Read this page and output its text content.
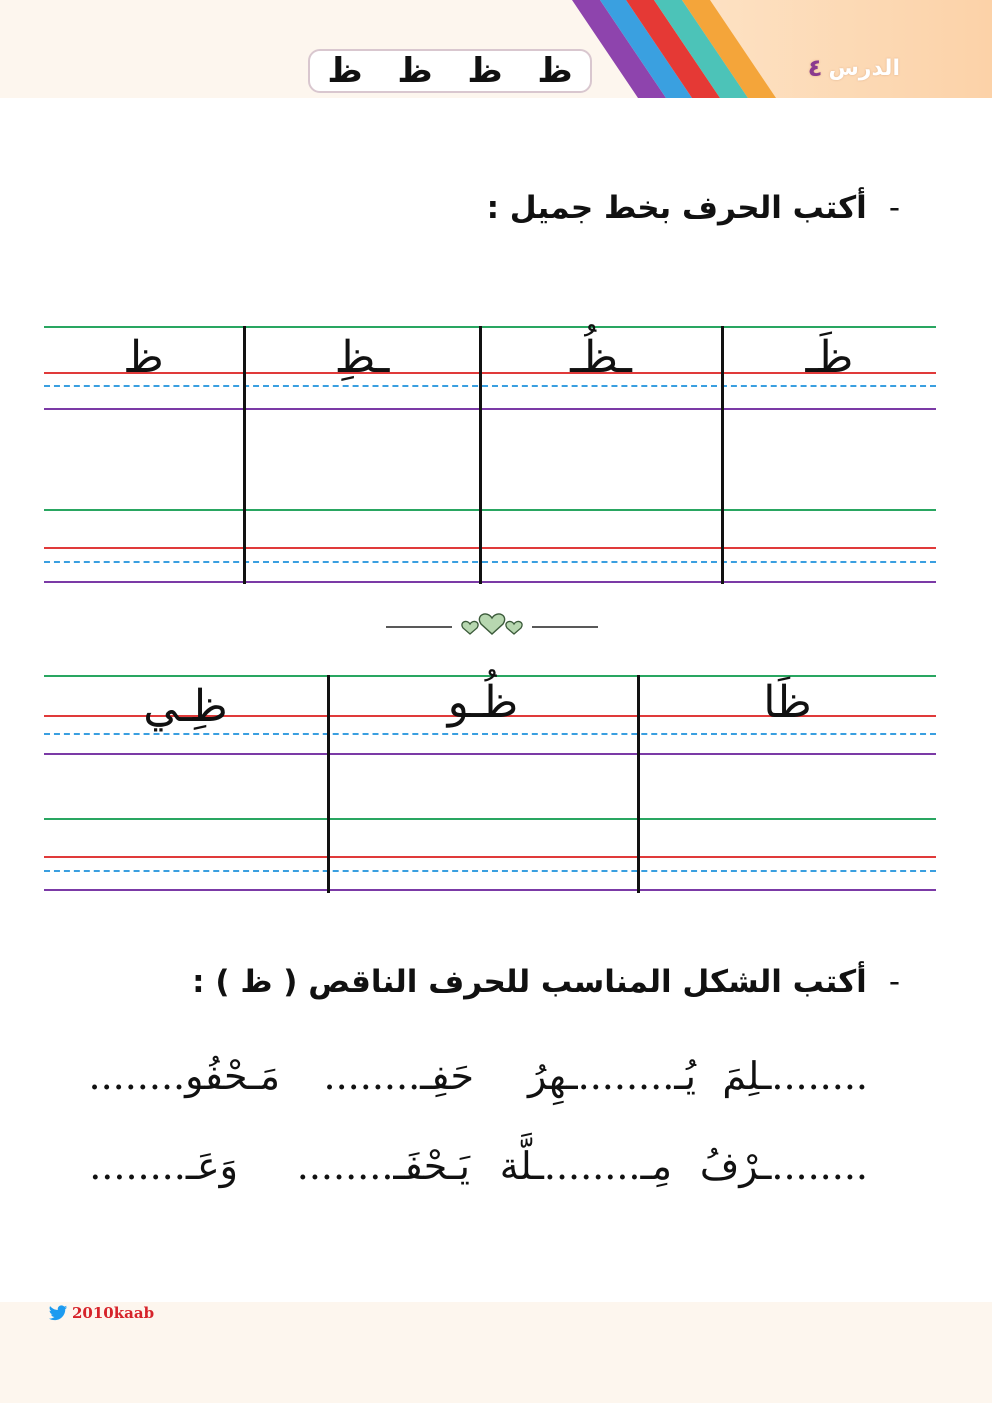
الدرس
٤
ظ
ظ
ظ
ظ
-
أكتب الحرف بخط جميل :
ظَـ
ـظُـ
ـظِ
ظ
ظَا
ظُـو
ظِـي
-
أكتب الشكل المناسب للحرف الناقص ( ظ ) :
........ـلِمَ
يُـ........ـهِرُ
حَفِـ........
مَـحْفُو........
........ـرْفُ
مِـ........ـلَّة
يَـحْفَـ........
وَعَـ........
2010kaab
